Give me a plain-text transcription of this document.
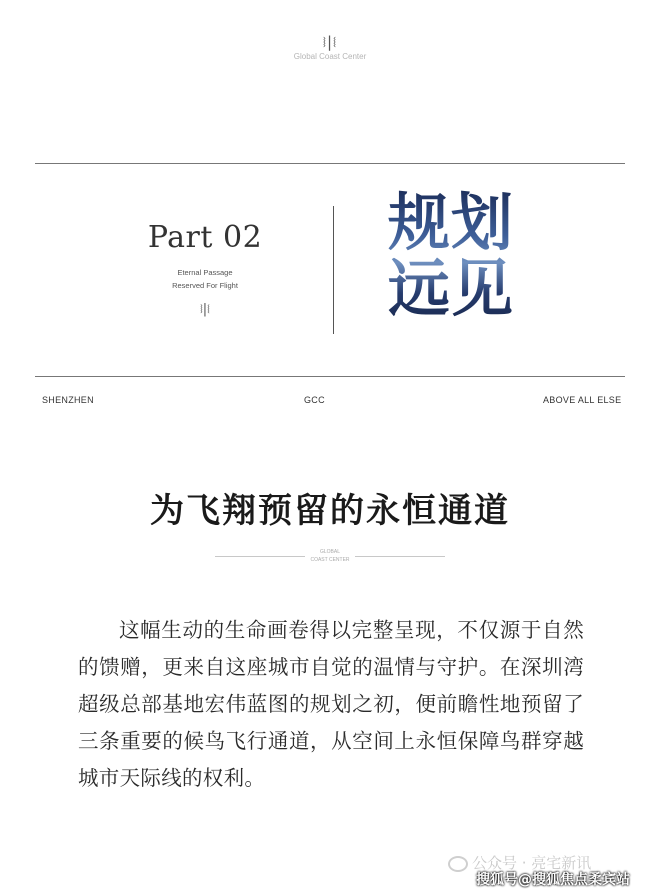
⧘|⧙
Global Coast Center
Part 02
Eternal Passage
Reserved For Flight
⧘|⧙
规划
远见
SHENZHEN	GCC	ABOVE ALL ELSE
为飞翔预留的永恒通道
GLOBAL
COAST CENTER
这幅生动的生命画卷得以完整呈现，不仅源于自然的馈赠，更来自这座城市自觉的温情与守护。在深圳湾超级总部基地宏伟蓝图的规划之初，便前瞻性地预留了三条重要的候鸟飞行通道，从空间上永恒保障鸟群穿越城市天际线的权利。
公众号 · 亮宅新讯
搜狐号@搜狐焦点柔宾站
